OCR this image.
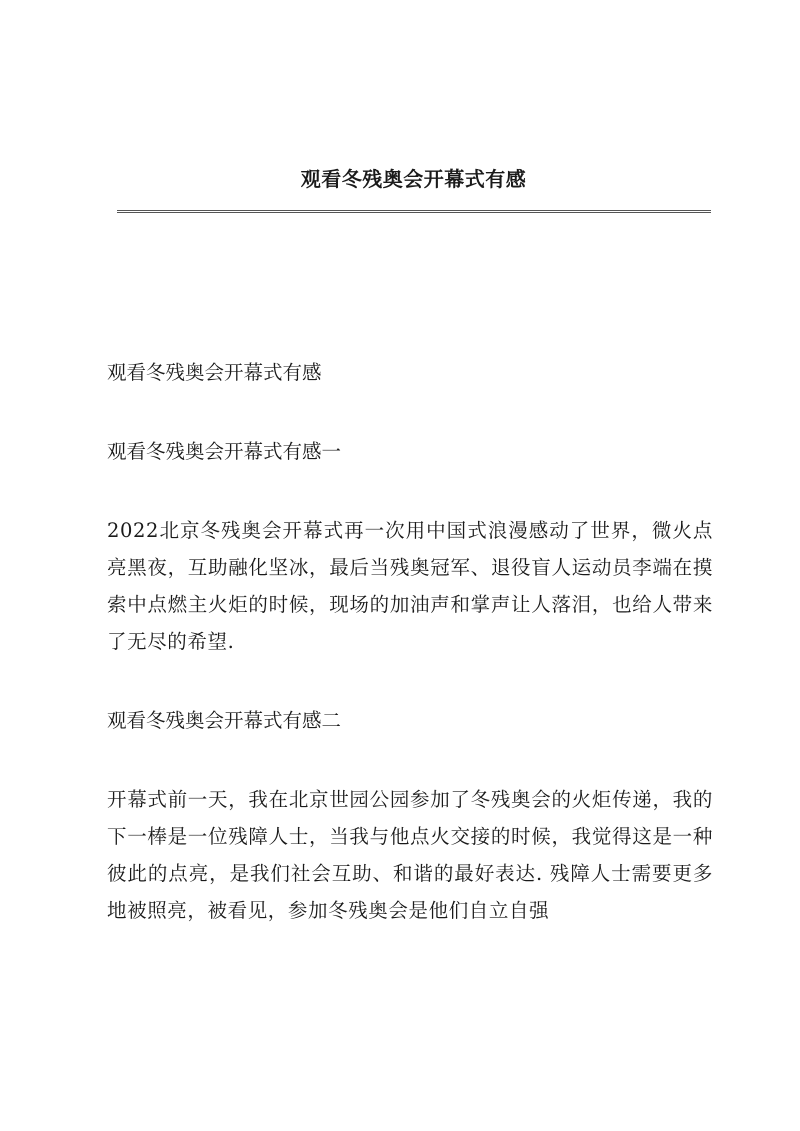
观看冬残奥会开幕式有感

观看冬残奥会开幕式有感

观看冬残奥会开幕式有感一

2022北京冬残奥会开幕式再一次用中国式浪漫感动了世界，微火点亮黑夜，互助融化坚冰，最后当残奥冠军、退役盲人运动员李端在摸索中点燃主火炬的时候，现场的加油声和掌声让人落泪，也给人带来了无尽的希望.

观看冬残奥会开幕式有感二

开幕式前一天，我在北京世园公园参加了冬残奥会的火炬传递，我的下一棒是一位残障人士，当我与他点火交接的时候，我觉得这是一种彼此的点亮，是我们社会互助、和谐的最好表达. 残障人士需要更多地被照亮，被看见，参加冬残奥会是他们自立自强
